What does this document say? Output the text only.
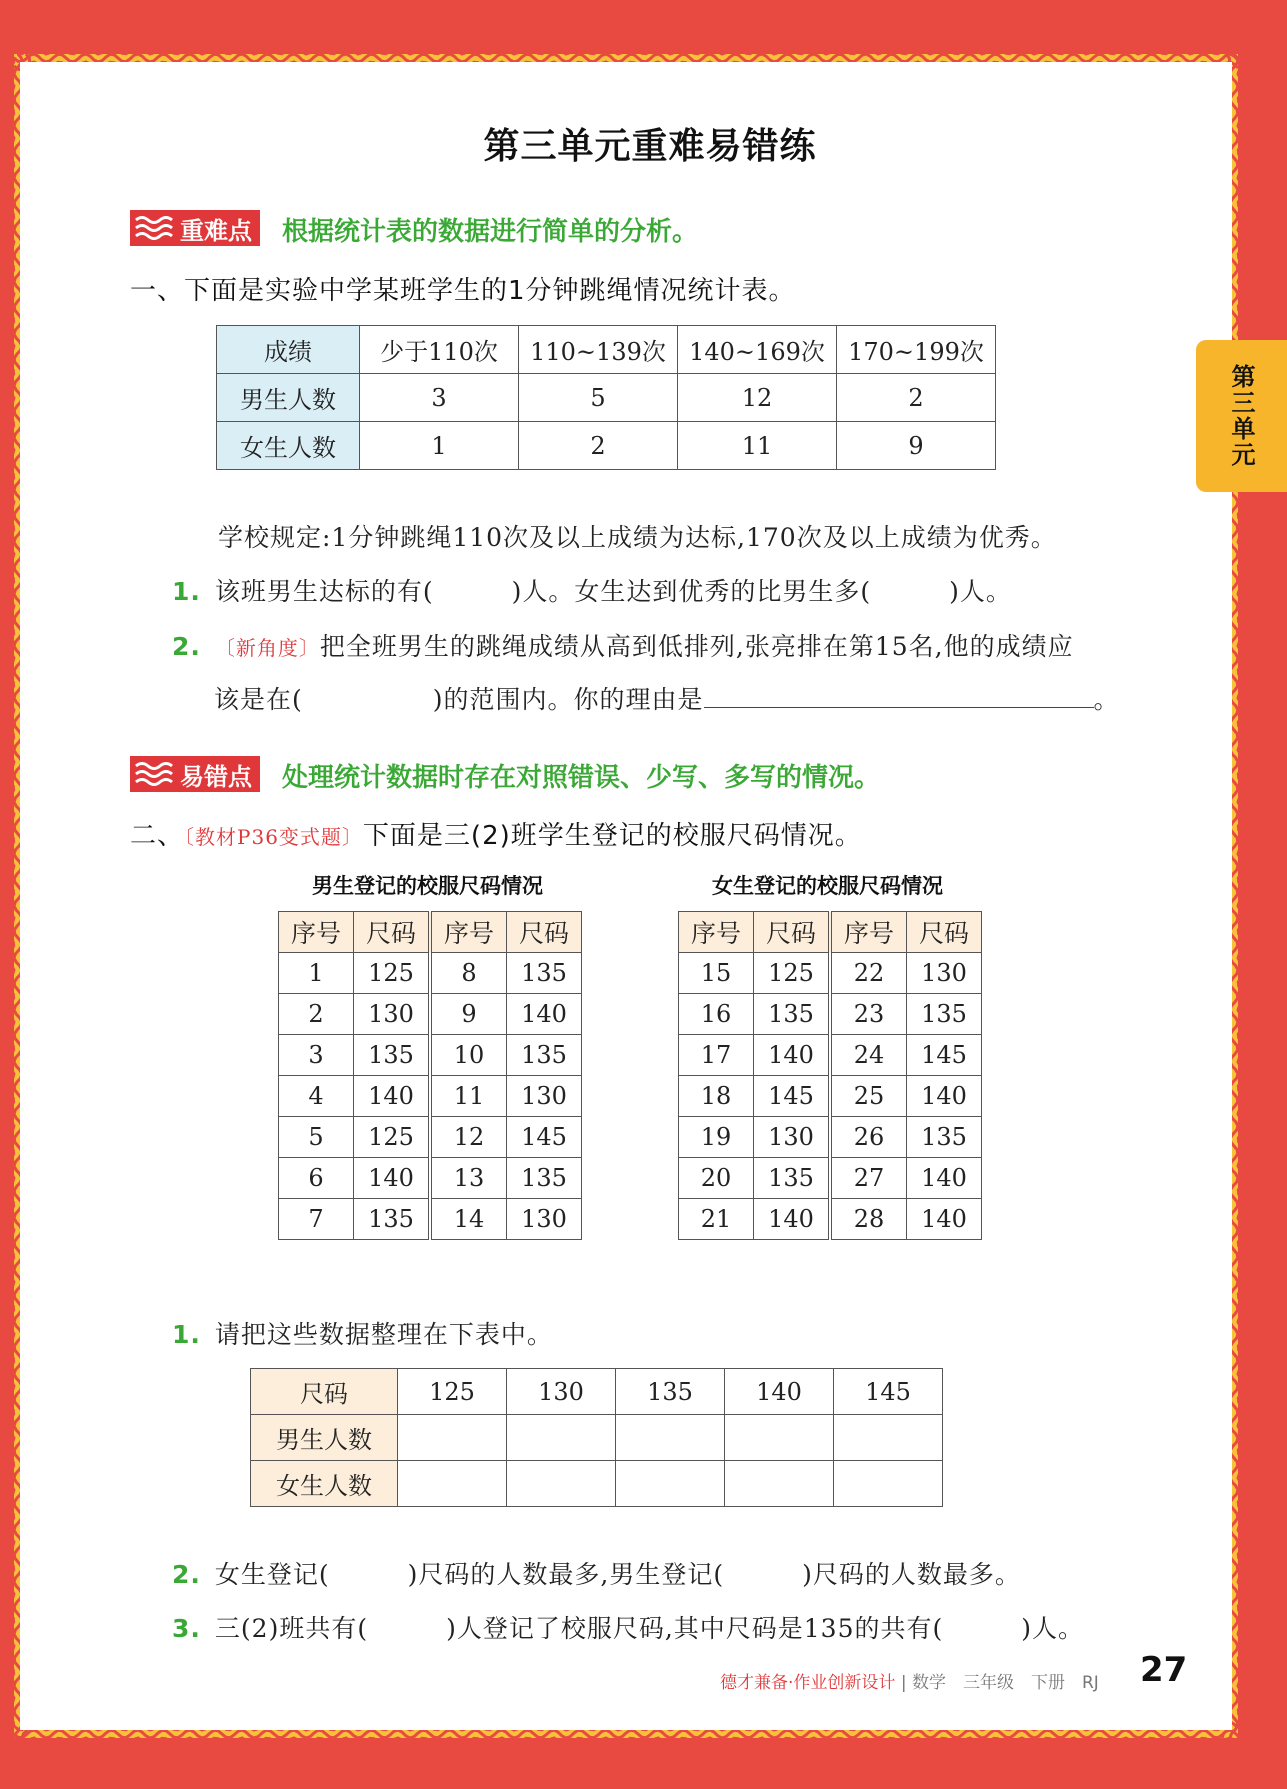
第三单元重难易错练
第三单元
重难点 根据统计表的数据进行简单的分析。
一、下面是实验中学某班学生的1分钟跳绳情况统计表。
成绩	少于110次	110~139次	140~169次	170~199次
男生人数	3	5	12	2
女生人数	1	2	11	9
学校规定:1分钟跳绳110次及以上成绩为达标,170次及以上成绩为优秀。
1. 该班男生达标的有(　　　)人。女生达到优秀的比男生多(　　　)人。
2. 〔新角度〕把全班男生的跳绳成绩从高到低排列,张亮排在第15名,他的成绩应
该是在(　　　　　)的范围内。你的理由是	。
易错点 处理统计数据时存在对照错误、少写、多写的情况。
二、〔教材P36变式题〕下面是三(2)班学生登记的校服尺码情况。
男生登记的校服尺码情况	女生登记的校服尺码情况
序号	尺码	序号	尺码
1	125	8	135
2	130	9	140
3	135	10	135
4	140	11	130
5	125	12	145
6	140	13	135
7	135	14	130
序号	尺码	序号	尺码
15	125	22	130
16	135	23	135
17	140	24	145
18	145	25	140
19	130	26	135
20	135	27	140
21	140	28	140
1. 请把这些数据整理在下表中。
尺码	125	130	135	140	145
男生人数					
女生人数					
2. 女生登记(　　　)尺码的人数最多,男生登记(　　　)尺码的人数最多。
3. 三(2)班共有(　　　)人登记了校服尺码,其中尺码是135的共有(　　　)人。
德才兼备·作业创新设计 | 数学　三年级　下册　RJ 27
